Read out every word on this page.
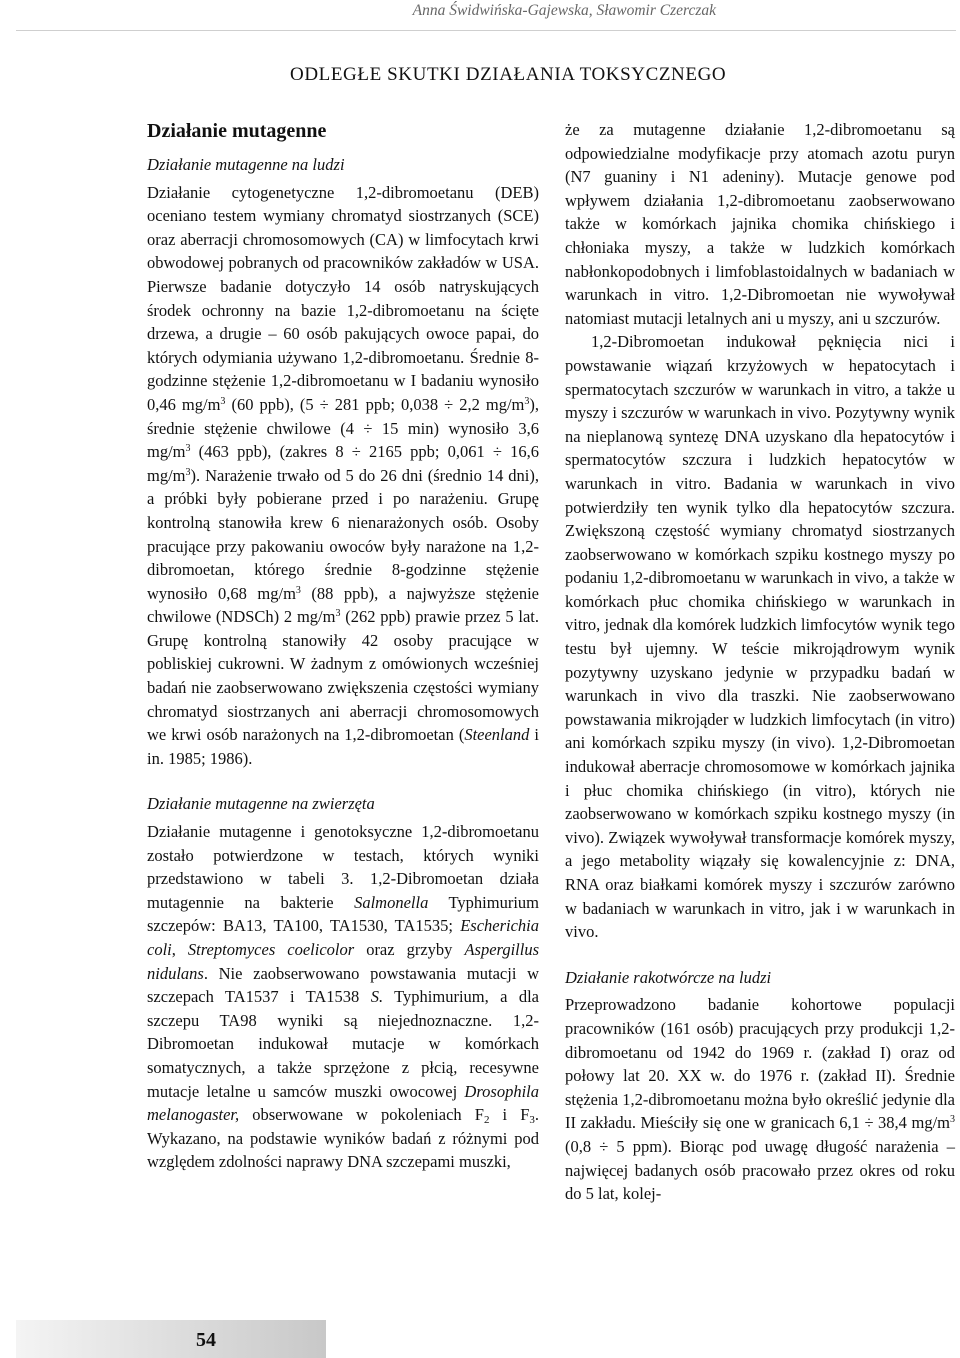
Anna Świdwińska-Gajewska, Sławomir Czerczak
ODLEGŁE SKUTKI DZIAŁANIA TOKSYCZNEGO
Działanie mutagenne
Działanie mutagenne na ludzi

Działanie cytogenetyczne 1,2-dibromoetanu (DEB) oceniano testem wymiany chromatyd siostrzanych (SCE) oraz aberracji chromosomowych (CA) w limfocytach krwi obwodowej pobranych od pracowników zakładów w USA. Pierwsze badanie dotyczyło 14 osób natryskujących środek ochronny na bazie 1,2-dibromoetanu na ścięte drzewa, a drugie – 60 osób pakujących owoce papai, do których odymiania używano 1,2-dibromoetanu. Średnie 8-godzinne stężenie 1,2-dibromoetanu w I badaniu wynosiło 0,46 $mg/m^3$ (60 ppb), (5 ÷ 281 ppb; 0,038 ÷ 2,2 $mg/m^3$), średnie stężenie chwilowe (4 ÷ 15 min) wynosiło 3,6 $mg/m^3$ (463 ppb), (zakres 8 ÷ 2165 ppb; 0,061 ÷ 16,6 $mg/m^3$). Narażenie trwało od 5 do 26 dni (średnio 14 dni), a próbki były pobierane przed i po narażeniu. Grupę kontrolną stanowiła krew 6 nienarażonych osób. Osoby pracujące przy pakowaniu owoców były narażone na 1,2-dibromoetan, którego średnie 8-godzinne stężenie wynosiło 0,68 $mg/m^3$ (88 ppb), a najwyższe stężenie chwilowe (NDSCh) 2 $mg/m^3$ (262 ppb) prawie przez 5 lat. Grupę kontrolną stanowiły 42 osoby pracujące w pobliskiej cukrowni. W żadnym z omówionych wcześniej badań nie zaobserwowano zwiększenia częstości wymiany chromatyd siostrzanych ani aberracji chromosomowych we krwi osób narażonych na 1,2-dibromoetan (Steenland i in. 1985; 1986).

Działanie mutagenne na zwierzęta

Działanie mutagenne i genotoksyczne 1,2-dibromoetanu zostało potwierdzone w testach, których wyniki przedstawiono w tabeli 3. 1,2-Dibromoetan działa mutagennie na bakterie Salmonella Typhimurium szczepów: BA13, TA100, TA1530, TA1535; Escherichia coli, Streptomyces coelicolor oraz grzyby Aspergillus nidulans. Nie zaobserwowano powstawania mutacji w szczepach TA1537 i TA1538 S. Typhimurium, a dla szczepu TA98 wyniki są niejednoznaczne. 1,2-Dibromoetan indukował mutacje w komórkach somatycznych, a także sprzężone z płcią, recesywne mutacje letalne u samców muszki owocowej Drosophila melanogaster, obserwowane w pokoleniach $F_2$ i $F_3$. Wykazano, na podstawie wyników badań z różnymi pod względem zdolności naprawy DNA szczepami muszki,

że za mutagenne działanie 1,2-dibromoetanu są odpowiedzialne modyfikacje przy atomach azotu puryn (N7 guaniny i N1 adeniny). Mutacje genowe pod wpływem działania 1,2-dibromoetanu zaobserwowano także w komórkach jajnika chomika chińskiego i chłoniaka myszy, a także w ludzkich komórkach nabłonkopodobnych i limfoblastoidalnych w badaniach w warunkach in vitro. 1,2-Dibromoetan nie wywoływał natomiast mutacji letalnych ani u myszy, ani u szczurów.

1,2-Dibromoetan indukował pęknięcia nici i powstawanie wiązań krzyżowych w hepatocytach i spermatocytach szczurów w warunkach in vitro, a także u myszy i szczurów w warunkach in vivo. Pozytywny wynik na nieplanową syntezę DNA uzyskano dla hepatocytów i spermatocytów szczura i ludzkich hepatocytów w warunkach in vitro. Badania w warunkach in vivo potwierdziły ten wynik tylko dla hepatocytów szczura. Zwiększoną częstość wymiany chromatyd siostrzanych zaobserwowano w komórkach szpiku kostnego myszy po podaniu 1,2-dibromoetanu w warunkach in vivo, a także w komórkach płuc chomika chińskiego w warunkach in vitro, jednak dla komórek ludzkich limfocytów wynik tego testu był ujemny. W teście mikrojądrowym wynik pozytywny uzyskano jedynie w przypadku badań w warunkach in vivo dla traszki. Nie zaobserwowano powstawania mikrojąder w ludzkich limfocytach (in vitro) ani komórkach szpiku myszy (in vivo). 1,2-Dibromoetan indukował aberracje chromosomowe w komórkach jajnika i płuc chomika chińskiego (in vitro), których nie zaobserwowano w komórkach szpiku kostnego myszy (in vivo). Związek wywoływał transformacje komórek myszy, a jego metabolity wiązały się kowalencyjnie z: DNA, RNA oraz białkami komórek myszy i szczurów zarówno w badaniach w warunkach in vitro, jak i w warunkach in vivo.

Działanie rakotwórcze na ludzi

Przeprowadzono badanie kohortowe populacji pracowników (161 osób) pracujących przy produkcji 1,2-dibromoetanu od 1942 do 1969 r. (zakład I) oraz od połowy lat 20. XX w. do 1976 r. (zakład II). Średnie stężenia 1,2-dibromoetanu można było określić jedynie dla II zakładu. Mieściły się one w granicach 6,1 ÷ 38,4 $mg/m^3$ (0,8 ÷ 5 ppm). Biorąc pod uwagę długość narażenia – najwięcej badanych osób pracowało przez okres od roku do 5 lat, kolej-

54
